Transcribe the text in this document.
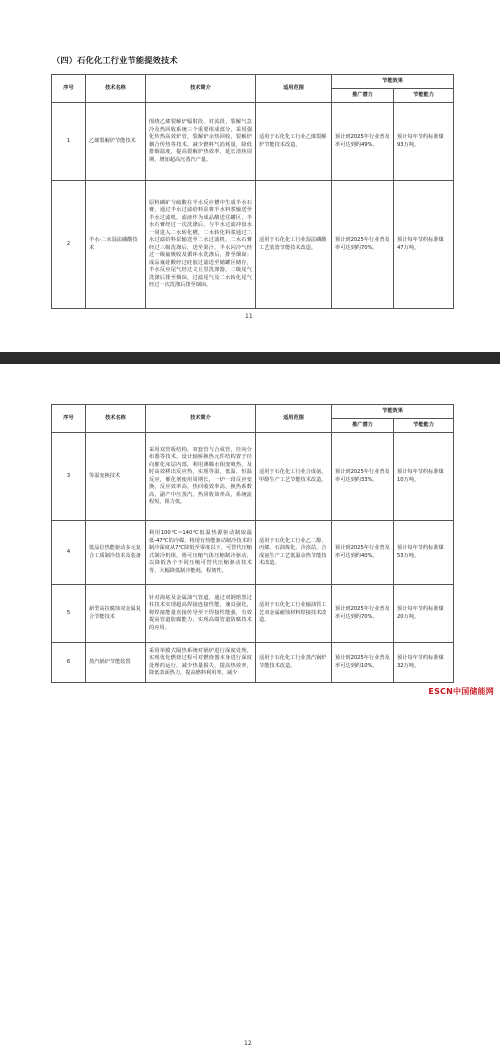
（四）石化化工行业节能提效技术
序号	技术名称	技术简介	适用范围	节能效果	
				推广潜力	节能能力
1	乙烯裂解炉节能技术	围绕乙烯裂解炉辐射段、对流段、裂解气急冷及热回收系统三个重要组成部分，采用强化传热高效炉管，裂解炉余热回收，裂解炉耦合传热等技术，减少燃料气消耗量，降低排烟温度，提高裂解炉热效率，延长清焦周期，增加超高压蒸汽产量。	适用于石化化工行业乙烯裂解炉节能技术改造。	预计到2025年行业普及率可达到约49%。	预计每年节约标准煤93万吨。
2	半水-二水湿法磷酸技术	原料磷矿与硫酸在半水反应槽中生成半水石膏，通过半水过滤给料泵将半水料浆输送至半水过滤机，滤液作为成品酸送往罐区，半水石膏经过一次洗涤后，与半水过滤冲盘水一同进入二水转化槽，二水转化料浆通过二水过滤给料泵输送至二水过滤机，二水石膏经过三级洗涤后，送至果汁，半水闪冷气经过一级氟吸收及循环水洗涤后，排至烟囱；成品氟硅酸经过硅胶过滤送至储罐区储存，半水反应尾气经过文丘里洗涤器，二级尾气洗涤后排至烟囱，过滤尾气及二水转化尾气经过一次洗涤后排至烟囱。	适用于石化化工行业湿法磷酸工艺装置节能技术改造。	预计到2025年行业普及率可达到约70%。	预计每年节约标准煤47万吨。
11
序号	技术名称	技术简介	适用范围	节能效果	
				推广潜力	节能能力
3	等温变换技术	采用双管板结构，双套管与合成管，径向分布器等技术，设计轴桥换热元件结构置于径向催化床层内部，利用沸腾水相变吸热，及时高效移出反应热，实现等温，低温、恒温反应，催化剂使用周期长，一炉一段反应变换，反应效率高，热回收效率高，换热系数高，副产中压蒸汽，热回收效率高，系统流程短，阻力低。	适用于石化化工行业合成氨、甲醇生产工艺节能技术改造。	预计到2025年行业普及率可达到约33%。	预计每年节约标准煤10万吨。
4	低品位热能驱动多元复合工质制冷技术及装备	利用100℃~140℃低温热源驱动制取最低-47℃的冷媒，将现有热能驱动制冷技术的制冷深度从7℃降低至零度以下，可替代压缩式制冷机组，将可压缩气体压缩制冷驱动，以降低各个不同压缩可替代压缩驱动技术等，大幅降低制冷能耗，程韧性。	适用于石化化工行业乙二醇、丙烯、石油炼化、冷冻站、合成氨生产工艺低温余热节能技术改造。	预计到2025年行业普及率可达到约40%。	预计每年节约标准煤53万吨。
5	新型高抗腐蚀双金属复合节能技术	针对海底及金属油气管道，通过双钢熔黑过柱技术实现超高焊接连接性能，兼具强化，将焊接能量直接传导至干焊接性能强，有效提高管道防腐能力，实现高端管道防腐技术的应用。	适用于石化化工行业输油管工艺双金属耐蚀材料焊接技术改造。	预计到2025年行业普及率可达到约70%。	预计每年节约标准煤20万吨。
6	蒸汽锅炉节能装置	采用单膜式隔热系统对锅炉进行深度处理，实现优化燃烧过程可对燃烧器本身进行深度处理的运行，减少热量损失，提高热效率，降低表面热力，提高燃料利用率，减少	适用于石化化工行业蒸汽锅炉节能技术改造。	预计到2025年行业普及率可达到约10%。	预计每年节约标准煤32万吨。
12
ESCN中国储能网
